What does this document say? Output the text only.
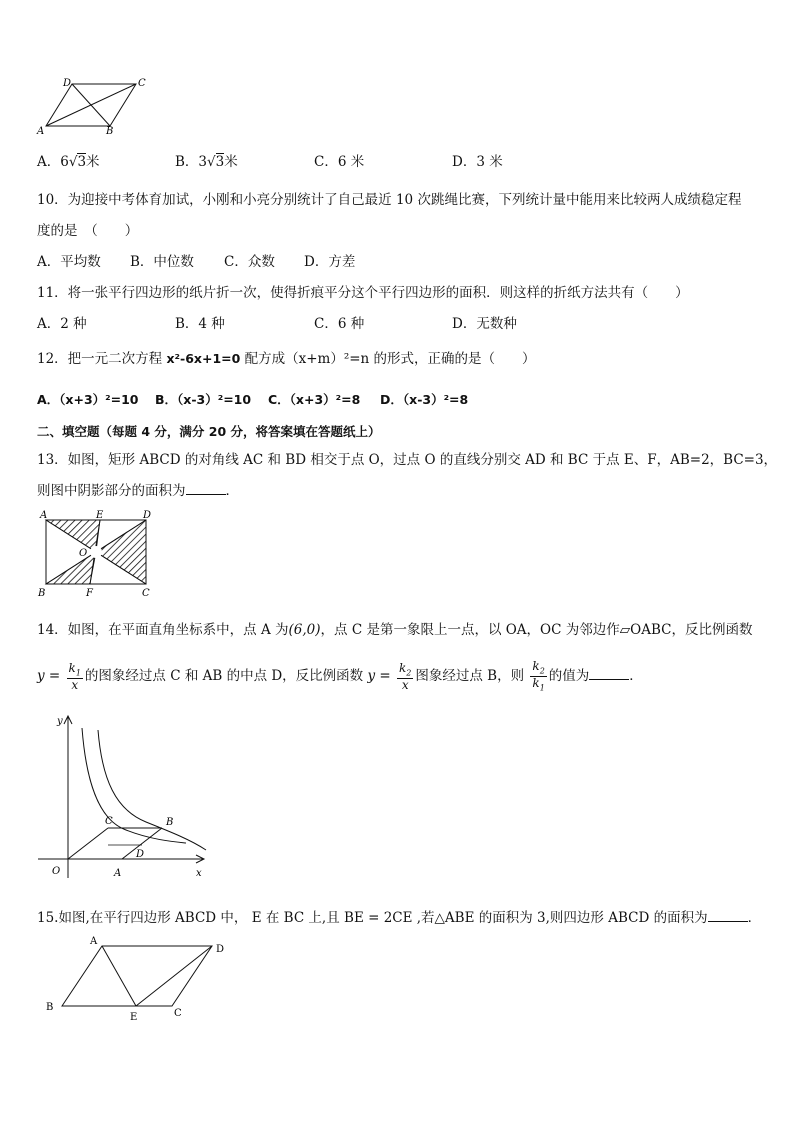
D	C
A	B
A．6√3米	B．3√3米	C．6 米	D．3 米
10．为迎接中考体育加试，小刚和小亮分别统计了自己最近 10 次跳绳比赛，下列统计量中能用来比较两人成绩稳定程
度的是　（　　）
A．平均数 B．中位数 C．众数 D．方差
11．将一张平行四边形的纸片折一次，使得折痕平分这个平行四边形的面积．则这样的折纸方法共有（　　）
A．2 种	B．4 种	C．6 种	D．无数种
12．把一元二次方程 x²-6x+1=0 配方成（x+m）²=n 的形式，正确的是（　　）
A．（x+3）²=10 B．（x-3）²=10 C．（x+3）²=8 D．（x-3）²=8
二、填空题（每题 4 分，满分 20 分，将答案填在答题纸上）
13．如图，矩形 ABCD 的对角线 AC 和 BD 相交于点 O，过点 O 的直线分别交 AD 和 BC 于点 E、F，AB=2，BC=3，
则图中阴影部分的面积为	．
A	E	D
O
B	F	C
14．如图，在平面直角坐标系中，点 A 为(6,0)，点 C 是第一象限上一点，以 OA，OC 为邻边作▱OABC，反比例函数
$y = \frac{k_1}{x}$ 的图象经过点 C 和 AB 的中点 D，反比例函数 $y = \frac{k_2}{x}$ 图象经过点 B，则 $\frac{k_2}{k_1}$ 的值为	．
y
x
O	A
C	B
D
15.如图,在平行四边形 ABCD 中， E 在 BC 上,且 BE = 2CE ,若△ABE 的面积为 3,则四边形 ABCD 的面积为	．
A
D
B
E	C
